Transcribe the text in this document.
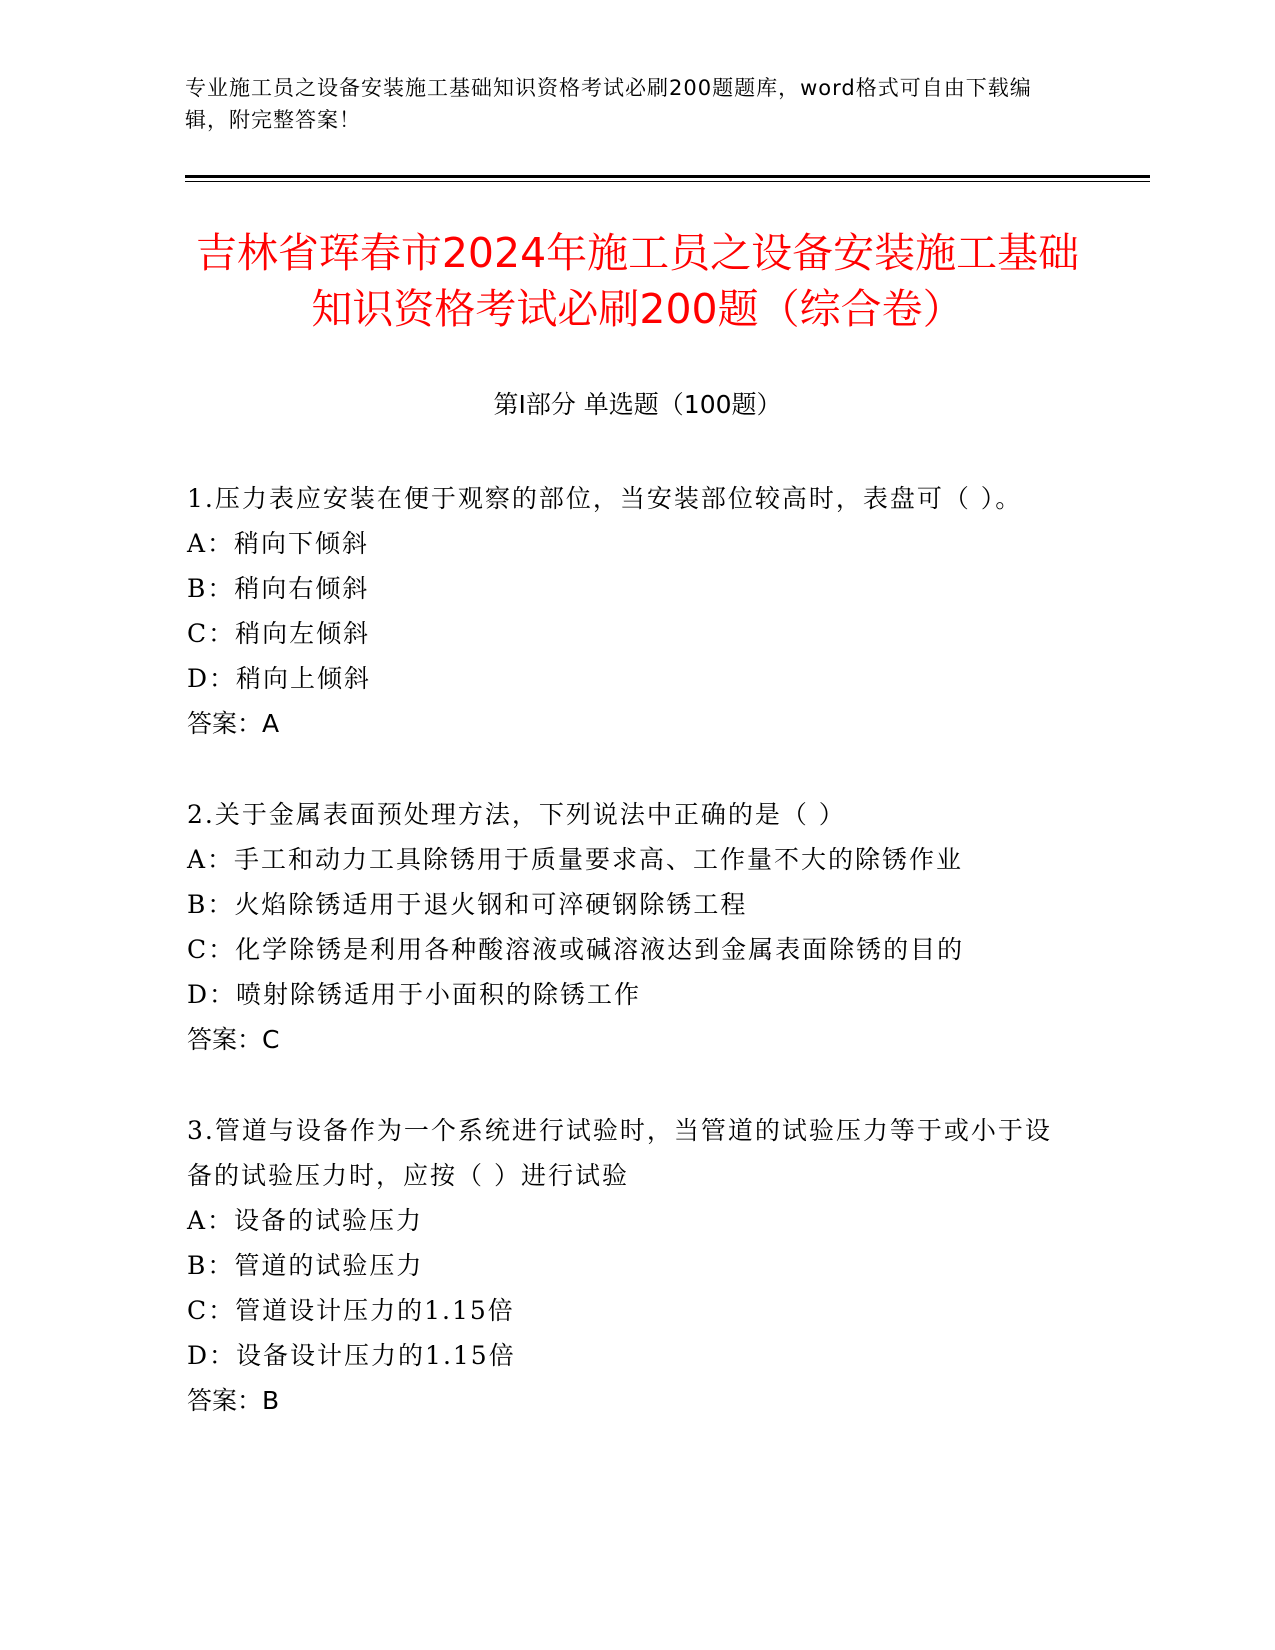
专业施工员之设备安装施工基础知识资格考试必刷200题题库，word格式可自由下载编辑，附完整答案！
吉林省珲春市2024年施工员之设备安装施工基础知识资格考试必刷200题（综合卷）
第Ⅰ部分 单选题（100题）
1.压力表应安装在便于观察的部位，当安装部位较高时，表盘可（ ）。
A：稍向下倾斜
B：稍向右倾斜
C：稍向左倾斜
D：稍向上倾斜
答案：A
2.关于金属表面预处理方法，下列说法中正确的是（ ）
A：手工和动力工具除锈用于质量要求高、工作量不大的除锈作业
B：火焰除锈适用于退火钢和可淬硬钢除锈工程
C：化学除锈是利用各种酸溶液或碱溶液达到金属表面除锈的目的
D：喷射除锈适用于小面积的除锈工作
答案：C
3.管道与设备作为一个系统进行试验时，当管道的试验压力等于或小于设备的试验压力时，应按（ ）进行试验
A：设备的试验压力
B：管道的试验压力
C：管道设计压力的1.15倍
D：设备设计压力的1.15倍
答案：B
